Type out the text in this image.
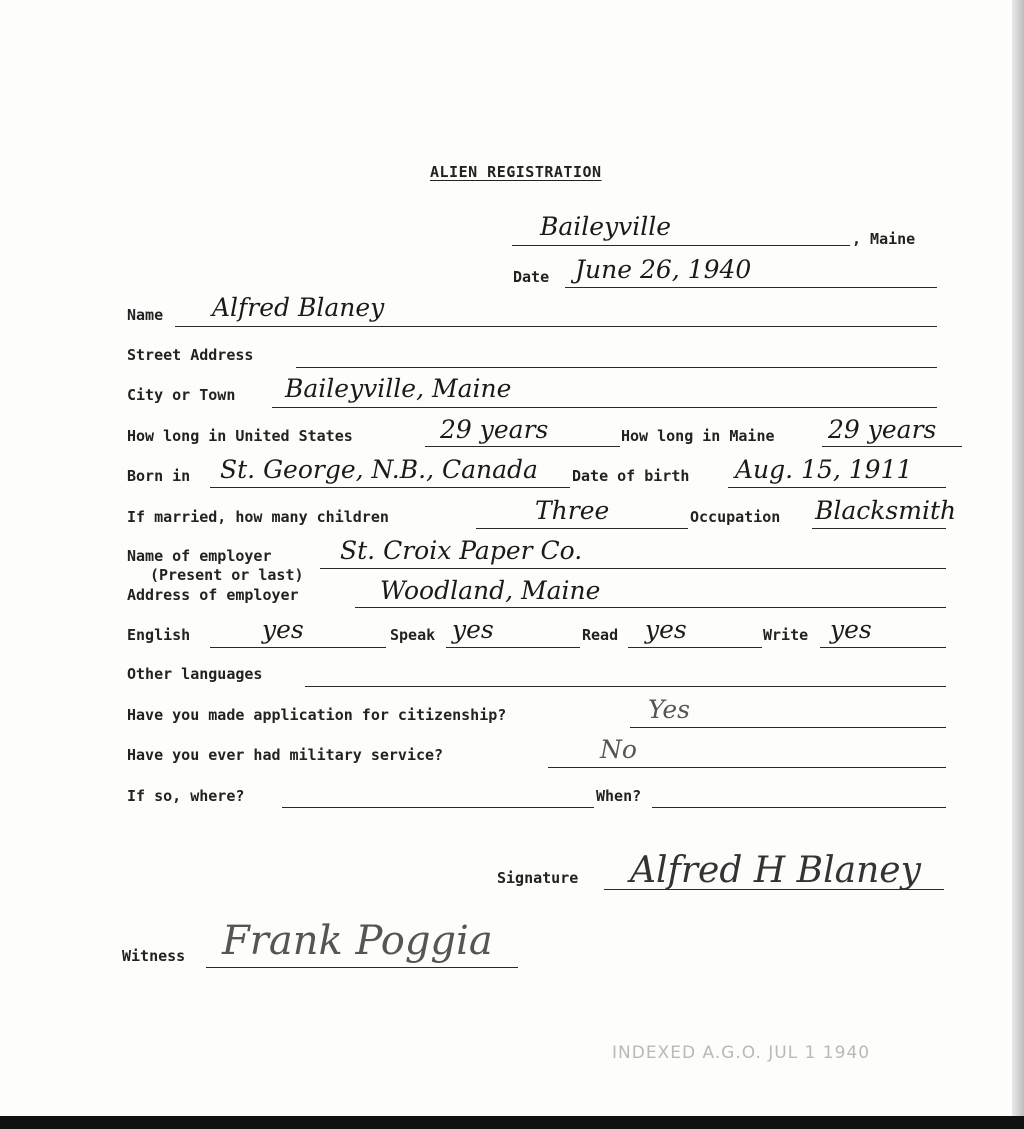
ALIEN REGISTRATION
Baileyville	, Maine
Date June 26, 1940
Name Alfred Blaney
Street Address
City or Town Baileyville, Maine
How long in United States	29 years	How long in Maine 29 years
Born in St. George, N.B., Canada Date of birth Aug. 15, 1911
If married, how many children	Three	Occupation Blacksmith
Name of employer
(Present or last)
St. Croix Paper Co.
Address of employer	Woodland, Maine
English	yes	Speak yes	Read yes	Write yes
Other languages
Have you made application for citizenship?	Yes
Have you ever had military service?	No
If so, where?	When?
Signature Alfred H Blaney
Witness Frank Poggia
INDEXED A.G.O. JUL 1 1940
